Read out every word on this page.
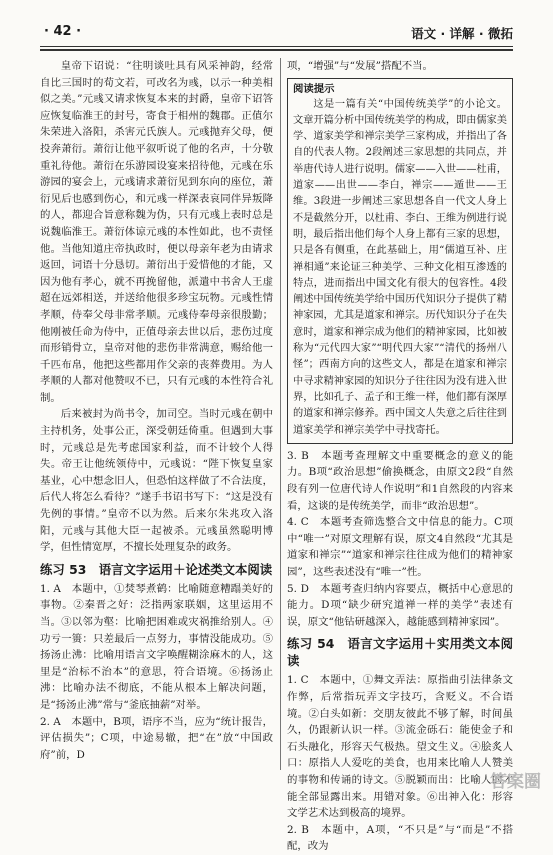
· 42 ·	语文 · 详解 · 微拓

皇帝下诏说：“往明谈吐具有风采神韵，经常自比三国时的荀文若，可改名为彧，以示一种美相似之美。”元彧又请求恢复本来的封爵，皇帝下诏答应恢复临淮王的封号，寄食于相州的魏郡。正值尔朱荣进入洛阳，杀害元氏族人。元彧抛弃父母，便投奔萧衍。萧衍让他平叙听说了他的名声，十分敬重礼待他。萧衍在乐游园设宴来招待他，元彧在乐游园的宴会上，元彧请求萧衍见到东向的座位，萧衍见后也感到伤心，和元彧一样深表哀同伴异叛降的人，都迎合旨意称魏为伪，只有元彧上表时总是说魏临淮王。萧衍体谅元彧的本性如此，也不责怪他。当他知道庄帝执政时，便以母亲年老为由请求返回，词语十分恳切。萧衍出于爱惜他的才能，又因为他有孝心，就不再挽留他，派遣中书舍人王虚超在远郊相送，并送给他很多珍宝玩物。元彧性情孝顺，侍奉父母非常孝顺。元彧侍奉母亲很殷勤；他刚被任命为侍中，正值母亲去世以后，悲伤过度而形销骨立，皇帝对他的悲伤非常满意，赐给他一千匹布帛，他把这些都用作父亲的丧葬费用。为人孝顺的人都对他赞叹不已，只有元彧的本性符合礼制。

后来被封为尚书令，加司空。当时元彧在朝中主持机务，处事公正，深受朝廷倚重。但遇到大事时，元彧总是先考虑国家利益，而不计较个人得失。帝王让他统领侍中，元彧说：“陛下恢复皇家基业，心中想念旧人，但恐怕这样做了不合法度，后代人将怎么看待？”遂手书诏书写下：“这是没有先例的事情。”皇帝不以为然。后来尔朱兆攻入洛阳，元彧与其他大臣一起被杀。元彧虽然聪明博学，但性情宽厚，不擅长处理复杂的政务。

练习 53　语言文字运用＋论述类文本阅读

1. A　本题中，①焚琴煮鹤：比喻随意糟蹋美好的事物。②秦晋之好：泛指两家联姻，这里运用不当。③以邻为壑：比喻把困难或灾祸推给别人。④功亏一篑：只差最后一点努力，事情没能成功。⑤扬汤止沸：比喻用语言文字唤醒糊涂麻木的人，这里是“治标不治本”的意思，符合语境。⑥扬汤止沸：比喻办法不彻底，不能从根本上解决问题，是“扬汤止沸”常与“釜底抽薪”对举。

2. A　本题中，B项，语序不当，应为“统计报告，评估损失”；C项，中途易辙，把“在”放“中国政府”前，D

项，“增强”与“发展”搭配不当。

阅读提示

这是一篇有关“中国传统美学”的小论文。文章开篇分析中国传统美学的构成，即由儒家美学、道家美学和禅宗美学三家构成，并指出了各自的代表人物。2段阐述三家思想的共同点，并举唐代诗人进行说明。儒家——入世——杜甫，道家——出世——李白，禅宗——遁世——王维。3段进一步阐述三家思想各自一代文人身上不是截然分开，以杜甫、李白、王维为例进行说明，最后指出他们每个人身上都有三家的思想，只是各有侧重，在此基础上，用“儒道互补、庄禅相通”来论证三种美学、三种文化相互渗透的特点，进而指出中国文化有很大的包容性。4段阐述中国传统美学给中国历代知识分子提供了精神家园，尤其是道家和禅宗。历代知识分子在失意时，道家和禅宗成为他们的精神家园，比如被称为“元代四大家”“明代四大家”“清代的扬州八怪”；西南方向的这些文人，都是在道家和禅宗中寻求精神家园的知识分子往往因为没有进入世界，比如孔子、孟子和王维一样，他们都有深厚的道家和禅宗修养。西中国文人失意之后往往到道家美学和禅宗美学中寻找寄托。

3. B　本题考查理解文中重要概念的意义的能力。B项“政治思想”偷换概念，由原文2段“自然段有列一位唐代诗人作说明”和1自然段的内容来看，这谈的是传统美学，而非“政治思想”。

4. C　本题考查筛选整合文中信息的能力。C项中“唯一”对原文理解有误，原文4自然段“尤其是道家和禅宗”“道家和禅宗往往成为他们的精神家园”，这些表述没有“唯一”性。

5. D　本题考查归纳内容要点，概括中心意思的能力。D项“缺少研究道禅一样的美学”表述有误，原文“他钻研越深入，越能感到精神家园”。

练习 54　语言文字运用＋实用类文本阅读

1. C　本题中，①舞文弄法：原指曲引法律条文作弊，后常指玩弄文字技巧，含贬义。不合语境。②白头如新：交朋友彼此不够了解，时间虽久，仍跟新认识一样。③流金砾石：能使金子和石头融化，形容天气极热。望文生义。④脍炙人口：原指人人爱吃的美食，也用来比喻人人赞美的事物和传诵的诗文。⑤脱颖而出：比喻人的才能全部显露出来。用错对象。⑥出神入化：形容文学艺术达到极高的境界。

2. B　本题中，A项，“不只是”与“而是”不搭配，改为

答案圈
